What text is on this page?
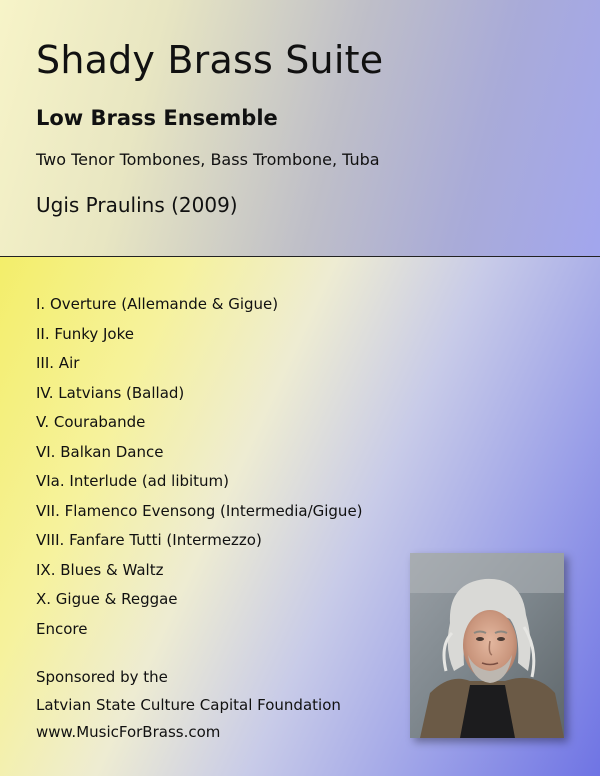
Shady Brass Suite
Low Brass Ensemble
Two Tenor Tombones, Bass Trombone, Tuba
Ugis Praulins (2009)
I. Overture (Allemande & Gigue)
II. Funky Joke
III. Air
IV. Latvians (Ballad)
V. Courabande
VI. Balkan Dance
VIa. Interlude (ad libitum)
VII. Flamenco Evensong (Intermedia/Gigue)
VIII. Fanfare Tutti (Intermezzo)
IX. Blues & Waltz
X. Gigue & Reggae
Encore
Sponsored by the
Latvian State Culture Capital Foundation
www.MusicForBrass.com
